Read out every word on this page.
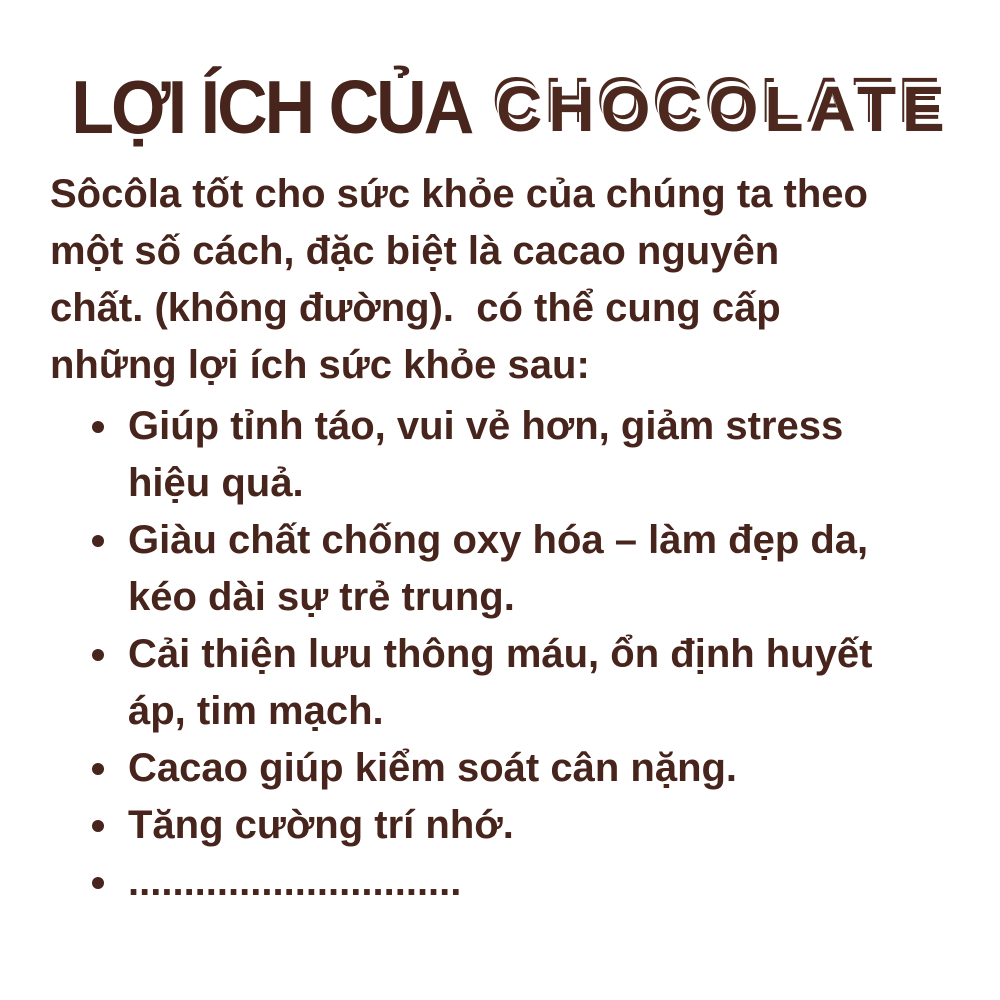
LỢI ÍCH CỦA CHOCOLATE
Sôcôla tốt cho sức khỏe của chúng ta theo
một số cách, đặc biệt là cacao nguyên
chất. (không đường).  có thể cung cấp
những lợi ích sức khỏe sau:
Giúp tỉnh táo, vui vẻ hơn, giảm stress
hiệu quả.
Giàu chất chống oxy hóa – làm đẹp da,
kéo dài sự trẻ trung.
Cải thiện lưu thông máu, ổn định huyết
áp, tim mạch.
Cacao giúp kiểm soát cân nặng.
Tăng cường trí nhớ.
..............................
